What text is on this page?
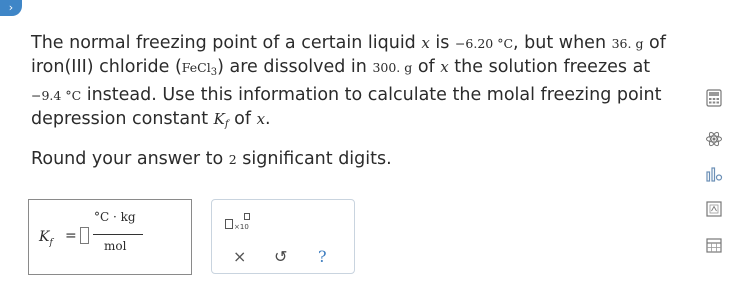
›

The normal freezing point of a certain liquid x is −6.20 °C, but when 36. g of

iron(III) chloride (FeCl$_3$) are dissolved in 300. g of x the solution freezes at

−9.4 °C instead. Use this information to calculate the molal freezing point

depression constant $K_f$ of x.

Round your answer to 2 significant digits.
$K_f$ =
°C · kg
mol
×10
× ↺ ?
